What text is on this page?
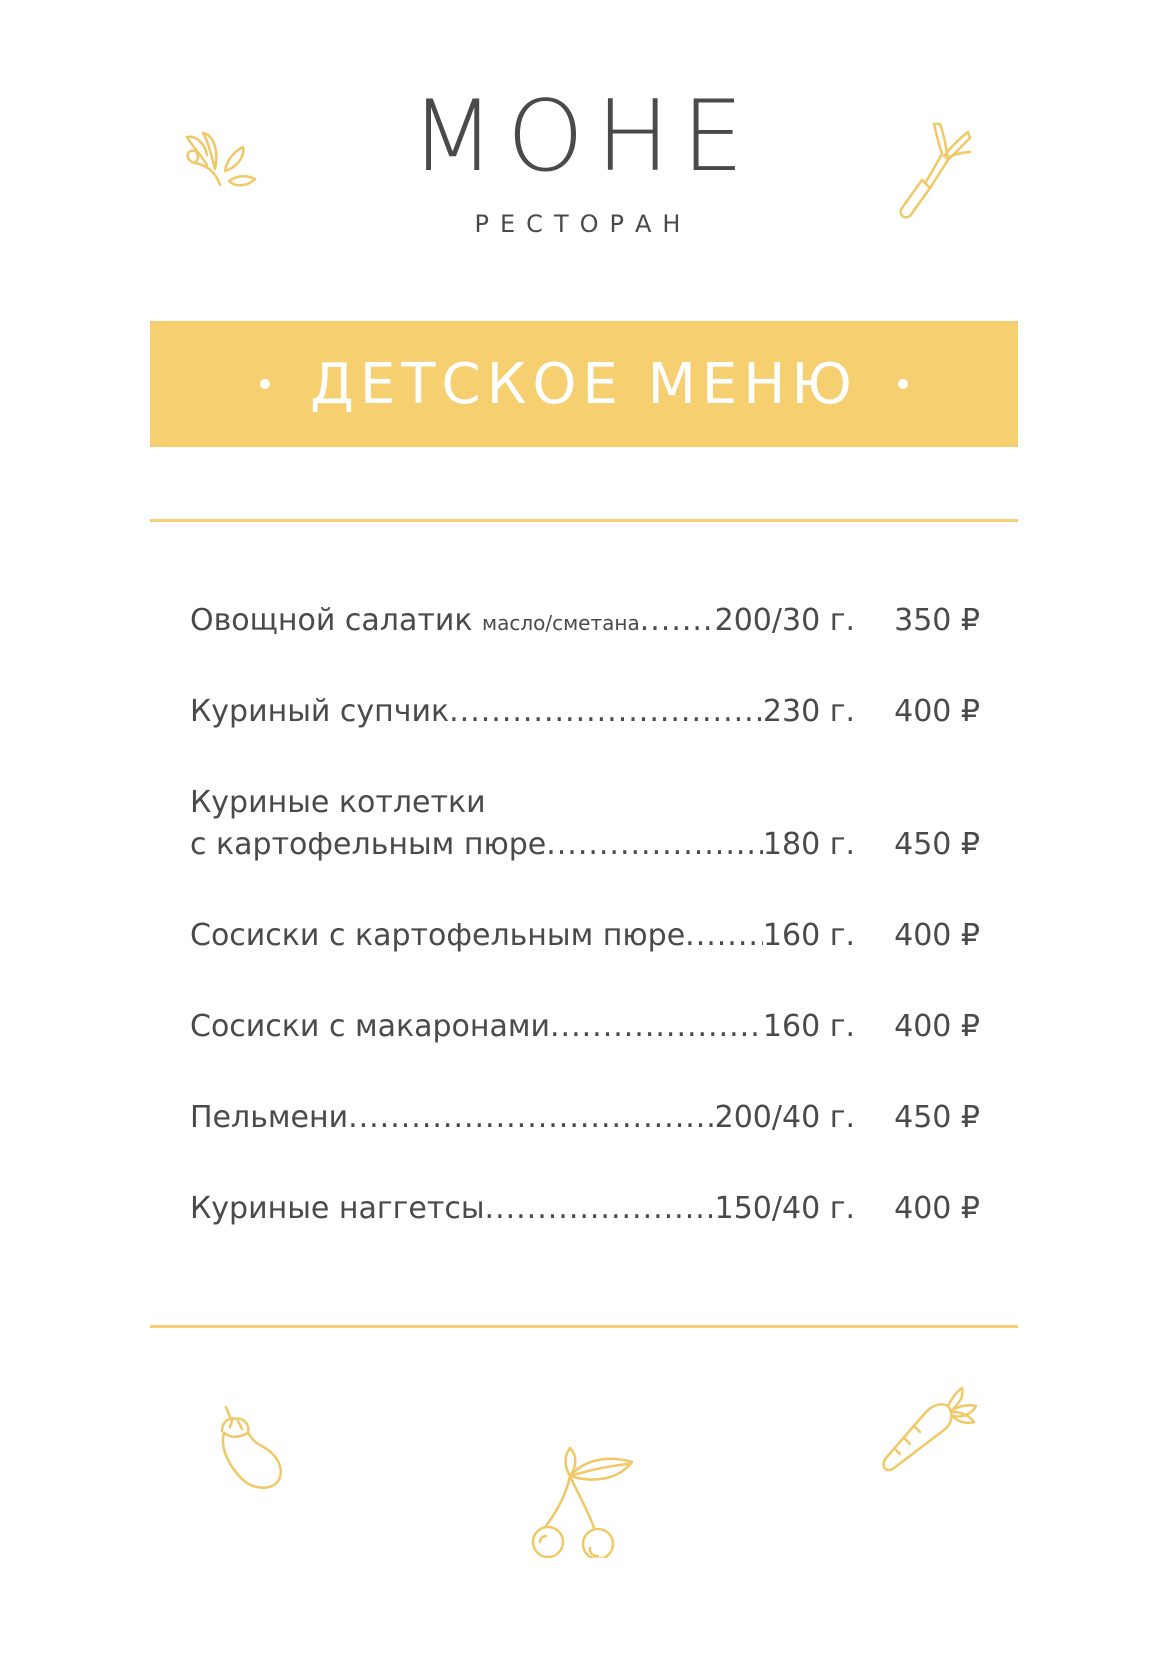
МОНЕ
РЕСТОРАН
ДЕТСКОЕ МЕНЮ
Овощной салатик масло/сметана ..... 200/30 г.	350 ₽
Куриный супчик .....	230 г.	400 ₽
Куриные котлетки
с картофельным пюре .....	180 г.	450 ₽
Сосиски с картофельным пюре .....	160 г.	400 ₽
Сосиски с макаронами .....	160 г.	400 ₽
Пельмени .....	200/40 г.	450 ₽
Куриные наггетсы .....	150/40 г.	400 ₽
